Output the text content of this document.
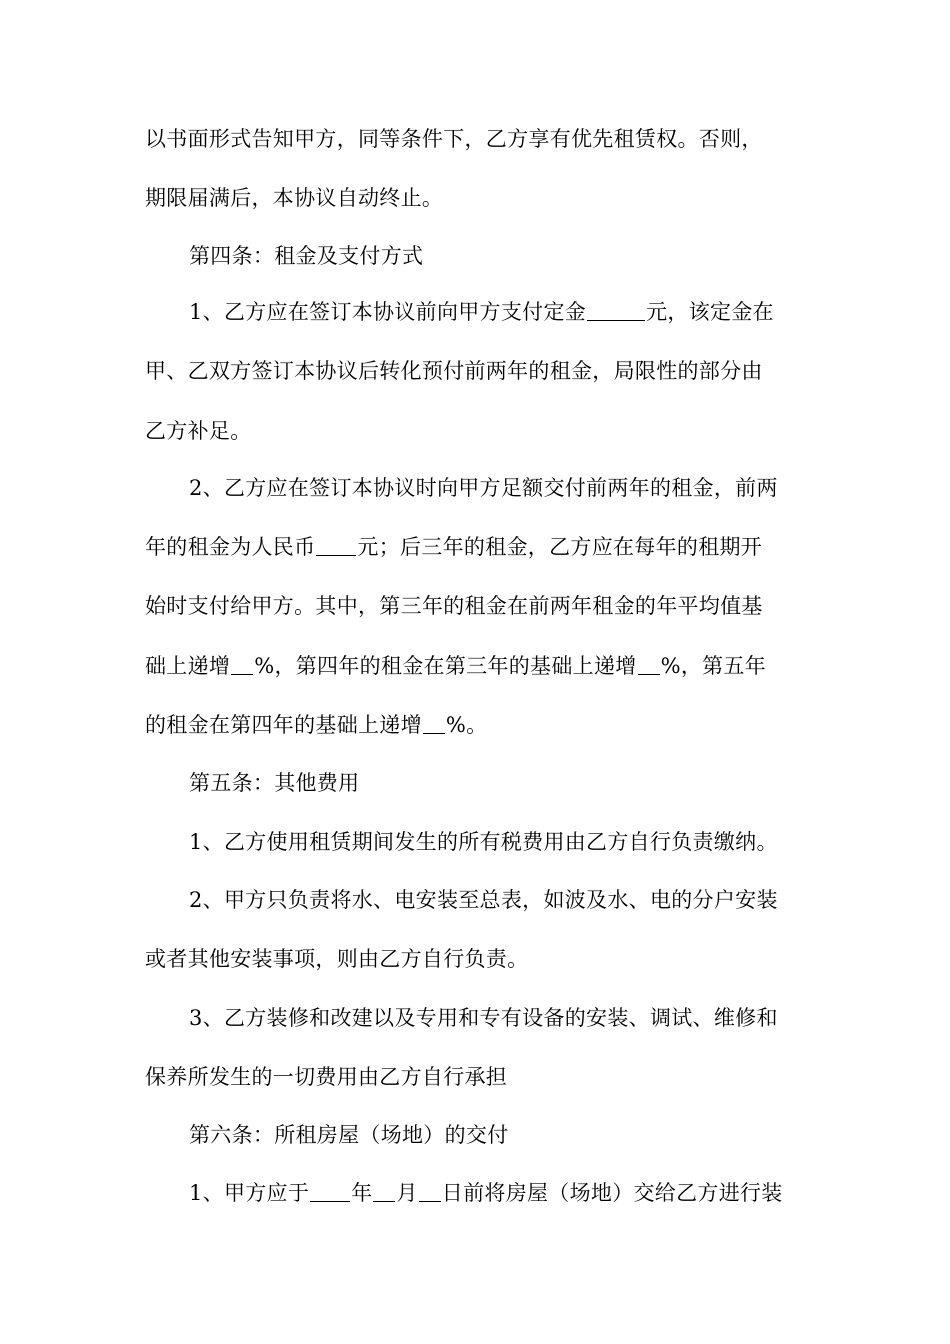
以书面形式告知甲方，同等条件下，乙方享有优先租赁权。否则，
期限届满后，本协议自动终止。
第四条：租金及支付方式
1、乙方应在签订本协议前向甲方支付定金	元，该定金在
甲、乙双方签订本协议后转化预付前两年的租金，局限性的部分由
乙方补足。
2、乙方应在签订本协议时向甲方足额交付前两年的租金，前两
年的租金为人民币 元；后三年的租金，乙方应在每年的租期开
始时支付给甲方。其中，第三年的租金在前两年租金的年平均值基
础上递增 %，第四年的租金在第三年的基础上递增 %，第五年
的租金在第四年的基础上递增 %。
第五条：其他费用
1、乙方使用租赁期间发生的所有税费用由乙方自行负责缴纳。
2、甲方只负责将水、电安装至总表，如波及水、电的分户安装
或者其他安装事项，则由乙方自行负责。
3、乙方装修和改建以及专用和专有设备的安装、调试、维修和
保养所发生的一切费用由乙方自行承担
第六条：所租房屋（场地）的交付
1、甲方应于 年 月 日前将房屋（场地）交给乙方进行装
